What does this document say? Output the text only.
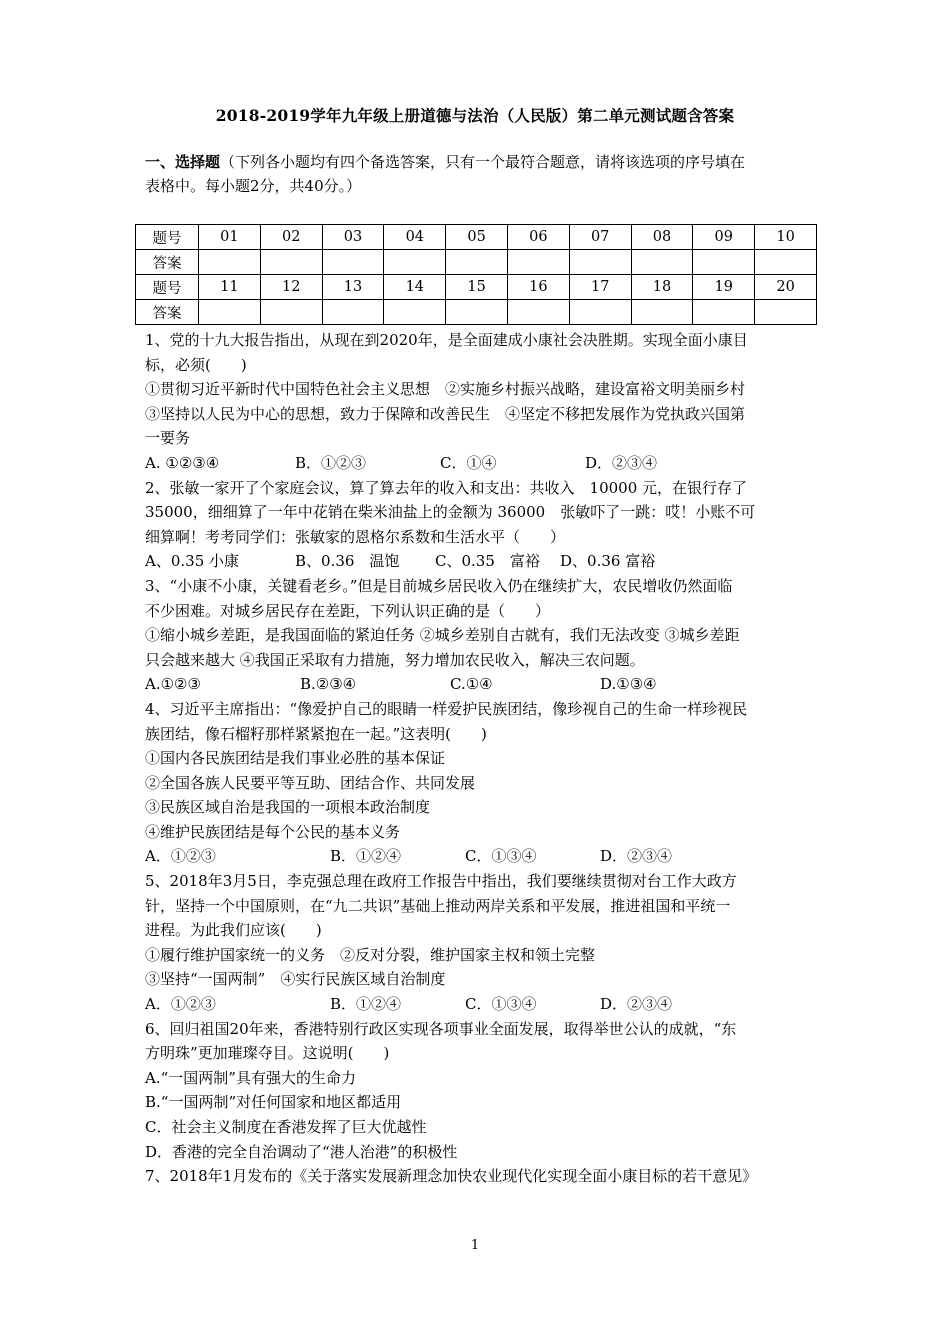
2018-2019学年九年级上册道德与法治（人民版）第二单元测试题含答案
一、选择题（下列各小题均有四个备选答案，只有一个最符合题意，请将该选项的序号填在
表格中。每小题2分，共40分。）
题号	01	02	03	04	05	06	07	08	09	10
答案										
题号	11	12	13	14	15	16	17	18	19	20
答案										

1、党的十九大报告指出，从现在到2020年，是全面建成小康社会决胜期。实现全面小康目

标，必须(　　)

①贯彻习近平新时代中国特色社会主义思想　②实施乡村振兴战略，建设富裕文明美丽乡村

③坚持以人民为中心的思想，致力于保障和改善民生　④坚定不移把发展作为党执政兴国第

一要务

A. ①②③④	B．①②③	C．①④	D．②③④

2、张敏一家开了个家庭会议，算了算去年的收入和支出：共收入　10000 元，在银行存了

35000，细细算了一年中花销在柴米油盐上的金额为 36000　张敏吓了一跳：哎！小账不可

细算啊！考考同学们：张敏家的恩格尔系数和生活水平（　　）

A、0.35 小康	B、0.36　温饱	C、0.35　富裕	D、0.36 富裕

3、“小康不小康，关键看老乡。”但是目前城乡居民收入仍在继续扩大，农民增收仍然面临

不少困难。对城乡居民存在差距，下列认识正确的是（　　）

①缩小城乡差距，是我国面临的紧迫任务 ②城乡差别自古就有，我们无法改变 ③城乡差距

只会越来越大 ④我国正采取有力措施，努力增加农民收入，解决三农问题。

A.①②③	B.②③④	C.①④	D.①③④

4、习近平主席指出：“像爱护自己的眼睛一样爱护民族团结，像珍视自己的生命一样珍视民

族团结，像石榴籽那样紧紧抱在一起。”这表明(　　)

①国内各民族团结是我们事业必胜的基本保证

②全国各族人民要平等互助、团结合作、共同发展

③民族区域自治是我国的一项根本政治制度

④维护民族团结是每个公民的基本义务

A．①②③	B．①②④	C．①③④	D．②③④

5、2018年3月5日，李克强总理在政府工作报告中指出，我们要继续贯彻对台工作大政方

针，坚持一个中国原则，在“九二共识”基础上推动两岸关系和平发展，推进祖国和平统一

进程。为此我们应该(　　)

①履行维护国家统一的义务　②反对分裂，维护国家主权和领土完整

③坚持“一国两制”　④实行民族区域自治制度

A．①②③	B．①②④	C．①③④	D．②③④

6、回归祖国20年来，香港特别行政区实现各项事业全面发展，取得举世公认的成就，“东

方明珠”更加璀璨夺目。这说明(　　)

A.“一国两制”具有强大的生命力

B.“一国两制”对任何国家和地区都适用

C．社会主义制度在香港发挥了巨大优越性

D．香港的完全自治调动了“港人治港”的积极性

7、2018年1月发布的《关于落实发展新理念加快农业现代化实现全面小康目标的若干意见》

1
